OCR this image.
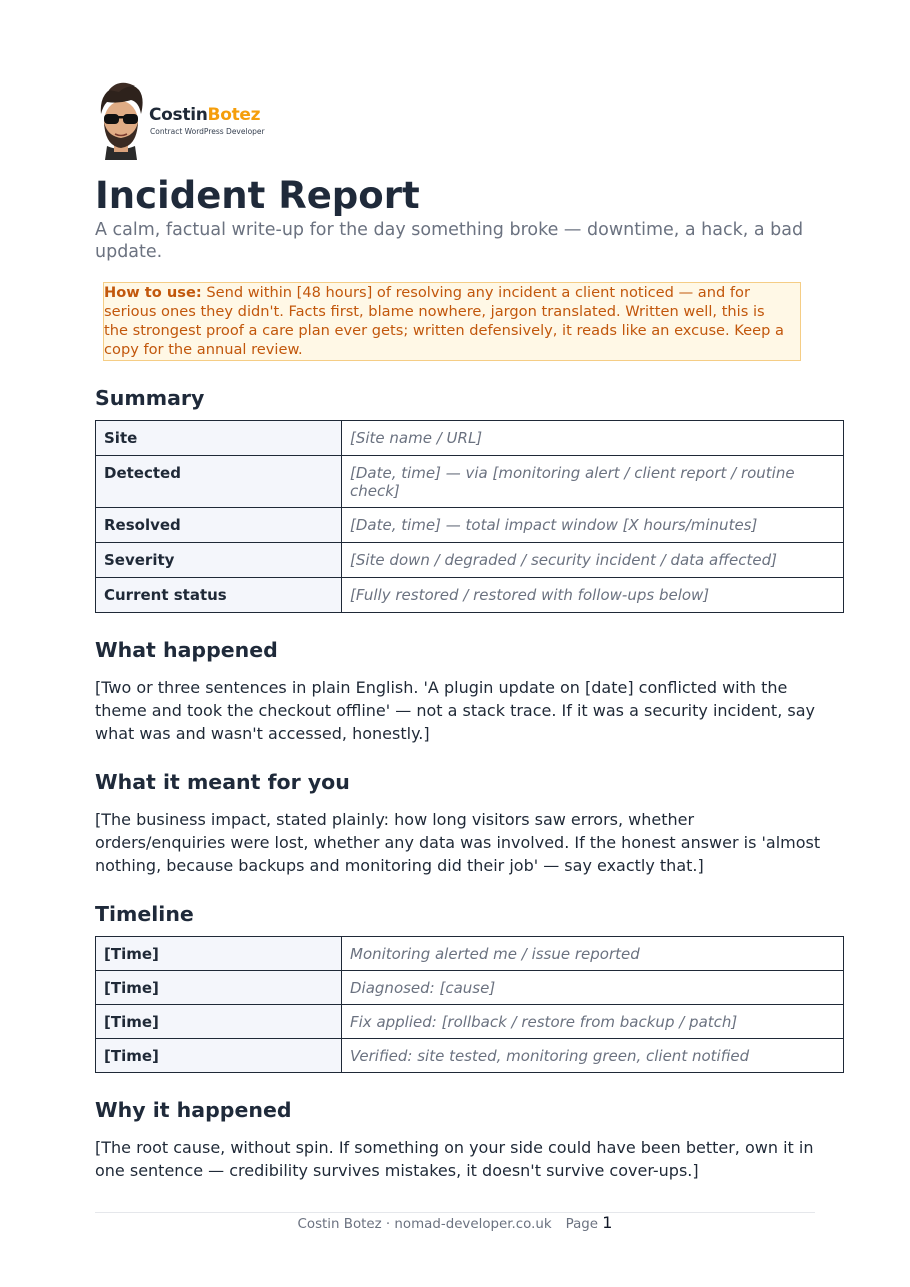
CostinBotez
Contract WordPress Developer
Incident Report

A calm, factual write-up for the day something broke — downtime, a hack, a bad update.

How to use: Send within [48 hours] of resolving any incident a client noticed — and for serious ones they didn't. Facts first, blame nowhere, jargon translated. Written well, this is the strongest proof a care plan ever gets; written defensively, it reads like an excuse. Keep a copy for the annual review.
Summary
Site	[Site name / URL]
Detected	[Date, time] — via [monitoring alert / client report / routine check]
Resolved	[Date, time] — total impact window [X hours/minutes]
Severity	[Site down / degraded / security incident / data affected]
Current status	[Fully restored / restored with follow-ups below]
What happened

[Two or three sentences in plain English. 'A plugin update on [date] conflicted with the theme and took the checkout offline' — not a stack trace. If it was a security incident, say what was and wasn't accessed, honestly.]

What it meant for you

[The business impact, stated plainly: how long visitors saw errors, whether orders/enquiries were lost, whether any data was involved. If the honest answer is 'almost nothing, because backups and monitoring did their job' — say exactly that.]

Timeline
[Time]	Monitoring alerted me / issue reported
[Time]	Diagnosed: [cause]
[Time]	Fix applied: [rollback / restore from backup / patch]
[Time]	Verified: site tested, monitoring green, client notified
Why it happened

[The root cause, without spin. If something on your side could have been better, own it in one sentence — credibility survives mistakes, it doesn't survive cover-ups.]

Costin Botez · nomad-developer.co.uk Page 1
